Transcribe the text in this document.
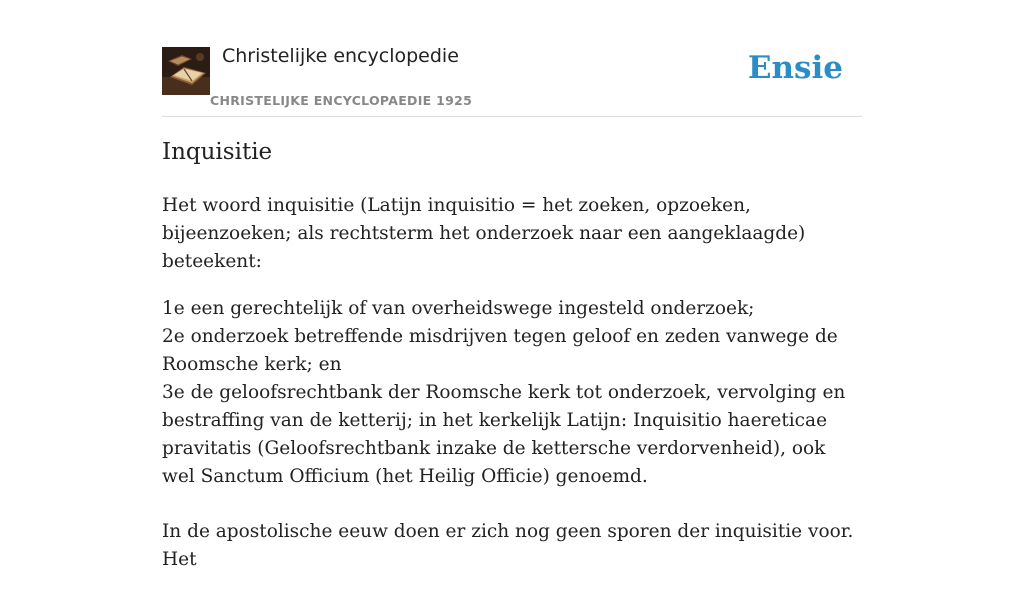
Christelijke encyclopedie
CHRISTELIJKE ENCYCLOPAEDIE 1925
Ensie
Inquisitie

Het woord inquisitie (Latijn inquisitio = het zoeken, opzoeken, bijeenzoeken; als rechtsterm het onderzoek naar een aangeklaagde) beteekent:

1e een gerechtelijk of van overheidswege ingesteld onderzoek;

2e onderzoek betreffende misdrijven tegen geloof en zeden vanwege de Roomsche kerk; en

3e de geloofsrechtbank der Roomsche kerk tot onderzoek, vervolging en bestraffing van de ketterij; in het kerkelijk Latijn: Inquisitio haereticae pravitatis (Geloofsrechtbank inzake de kettersche verdorvenheid), ook wel Sanctum Officium (het Heilig Officie) genoemd.

In de apostolische eeuw doen er zich nog geen sporen der inquisitie voor. Het
